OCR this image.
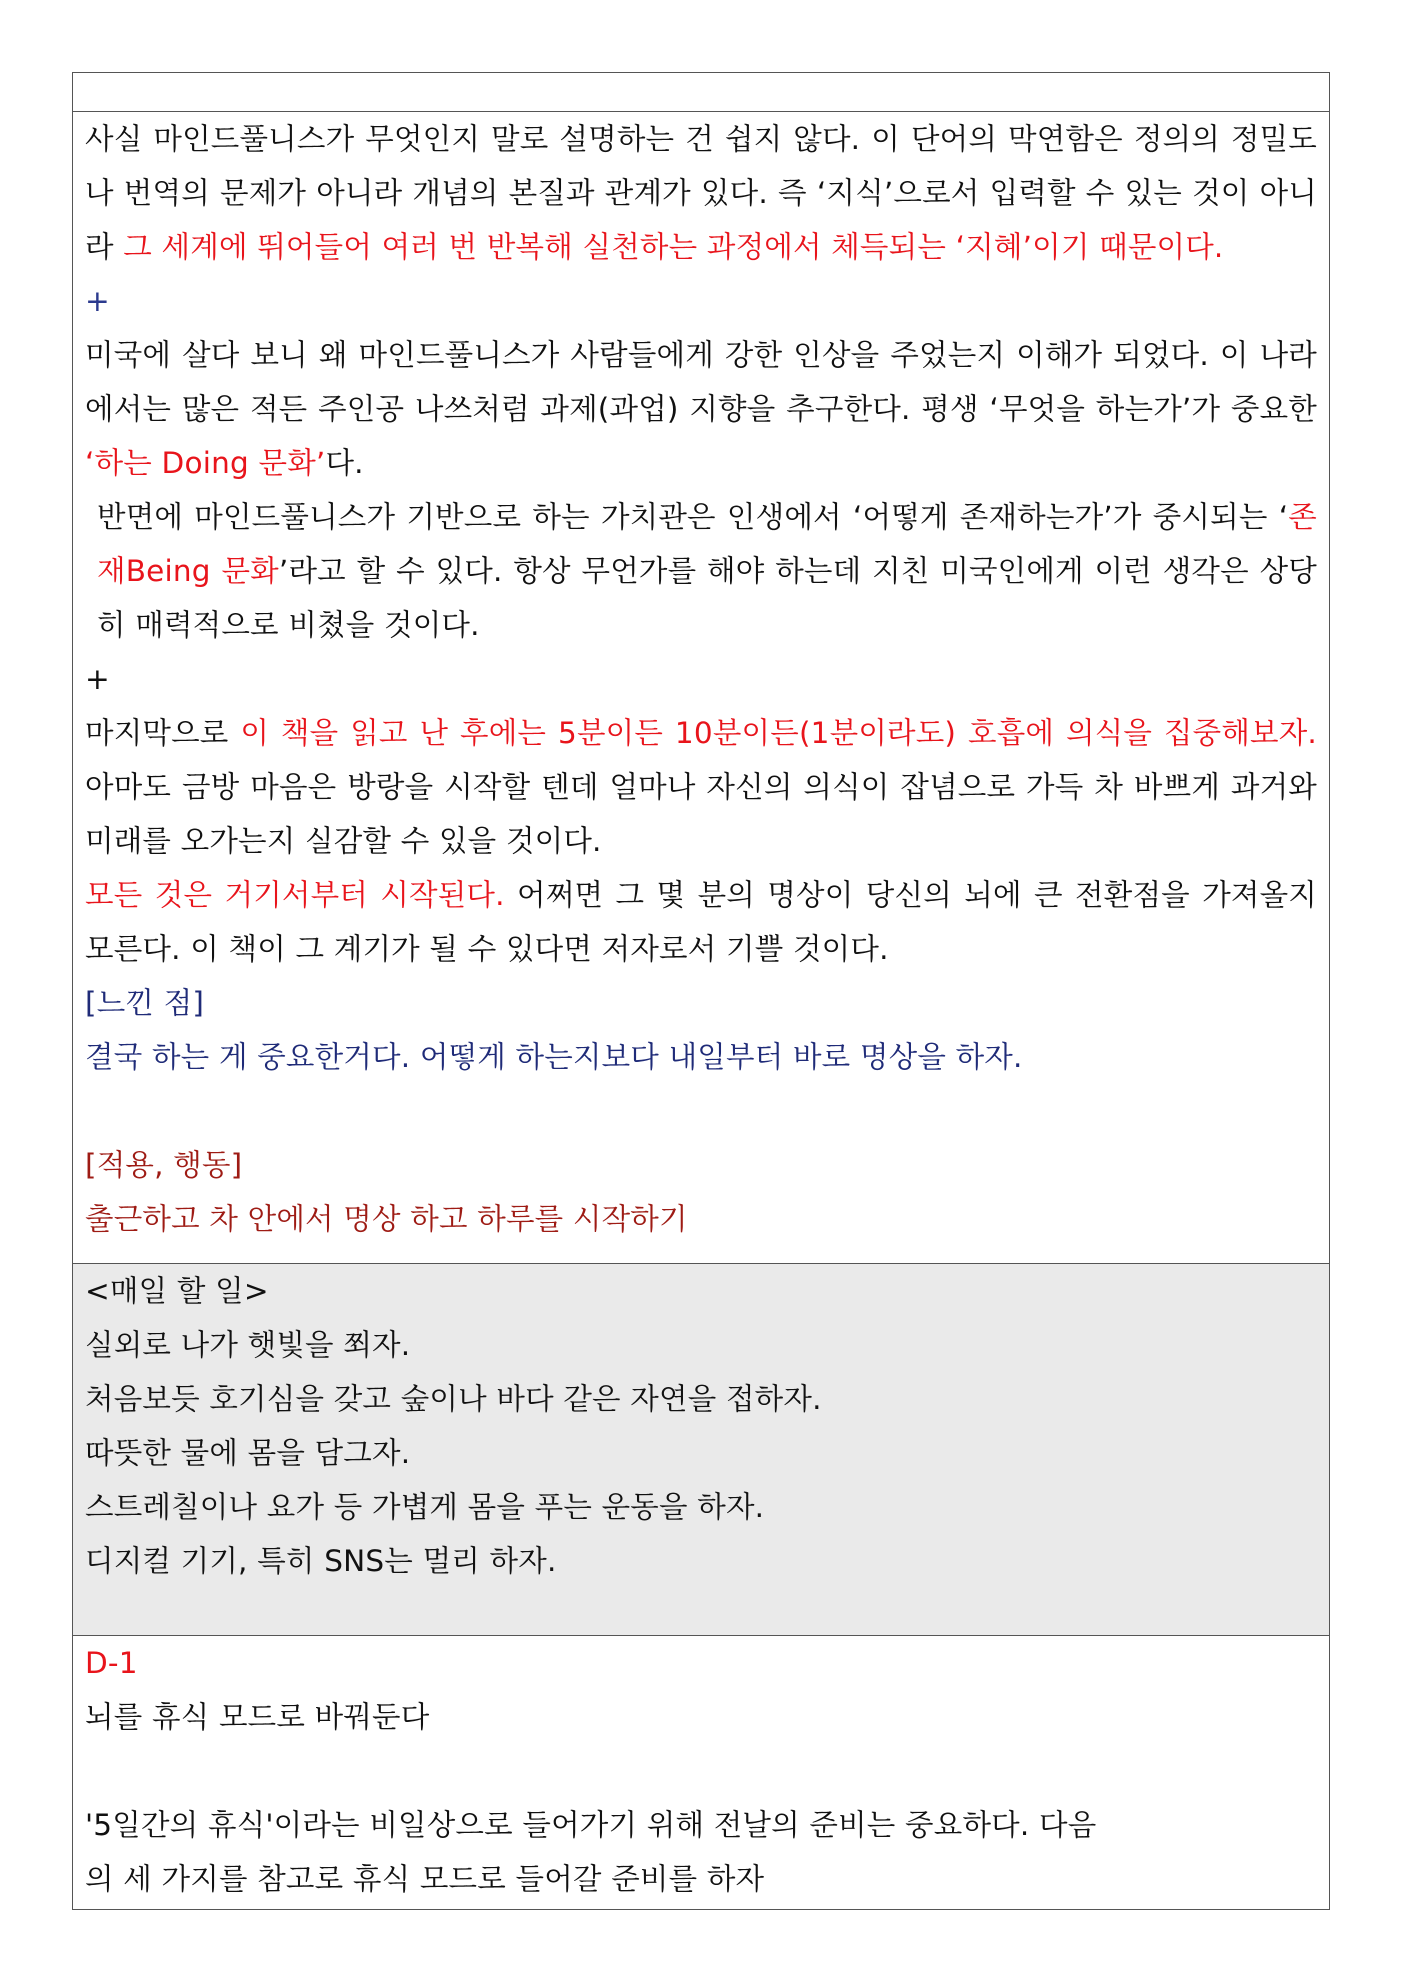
사실 마인드풀니스가 무엇인지 말로 설명하는 건 쉽지 않다. 이 단어의 막연함은 정의의 정밀도나 번역의 문제가 아니라 개념의 본질과 관계가 있다. 즉 ‘지식’으로서 입력할 수 있는 것이 아니라 그 세계에 뛰어들어 여러 번 반복해 실천하는 과정에서 체득되는 ‘지혜’이기 때문이다.

+

미국에 살다 보니 왜 마인드풀니스가 사람들에게 강한 인상을 주었는지 이해가 되었다. 이 나라에서는 많은 적든 주인공 나쓰처럼 과제(과업) 지향을 추구한다. 평생 ‘무엇을 하는가’가 중요한 ‘하는 Doing 문화’다.

반면에 마인드풀니스가 기반으로 하는 가치관은 인생에서 ‘어떻게 존재하는가’가 중시되는 ‘존재Being 문화’라고 할 수 있다. 항상 무언가를 해야 하는데 지친 미국인에게 이런 생각은 상당히 매력적으로 비쳤을 것이다.

+

마지막으로 이 책을 읽고 난 후에는 5분이든 10분이든(1분이라도) 호흡에 의식을 집중해보자. 아마도 금방 마음은 방랑을 시작할 텐데 얼마나 자신의 의식이 잡념으로 가득 차 바쁘게 과거와 미래를 오가는지 실감할 수 있을 것이다.

모든 것은 거기서부터 시작된다. 어쩌면 그 몇 분의 명상이 당신의 뇌에 큰 전환점을 가져올지 모른다. 이 책이 그 계기가 될 수 있다면 저자로서 기쁠 것이다.

[느낀 점]

결국 하는 게 중요한거다. 어떻게 하는지보다 내일부터 바로 명상을 하자.

[적용, 행동]

출근하고 차 안에서 명상 하고 하루를 시작하기

<매일 할 일>

실외로 나가 햇빛을 쬐자.

처음보듯 호기심을 갖고 숲이나 바다 같은 자연을 접하자.

따뜻한 물에 몸을 담그자.

스트레칠이나 요가 등 가볍게 몸을 푸는 운동을 하자.

디지컬 기기, 특히 SNS는 멀리 하자.

D-1

뇌를 휴식 모드로 바꿔둔다

'5일간의 휴식'이라는 비일상으로 들어가기 위해 전날의 준비는 중요하다. 다음

의 세 가지를 참고로 휴식 모드로 들어갈 준비를 하자
